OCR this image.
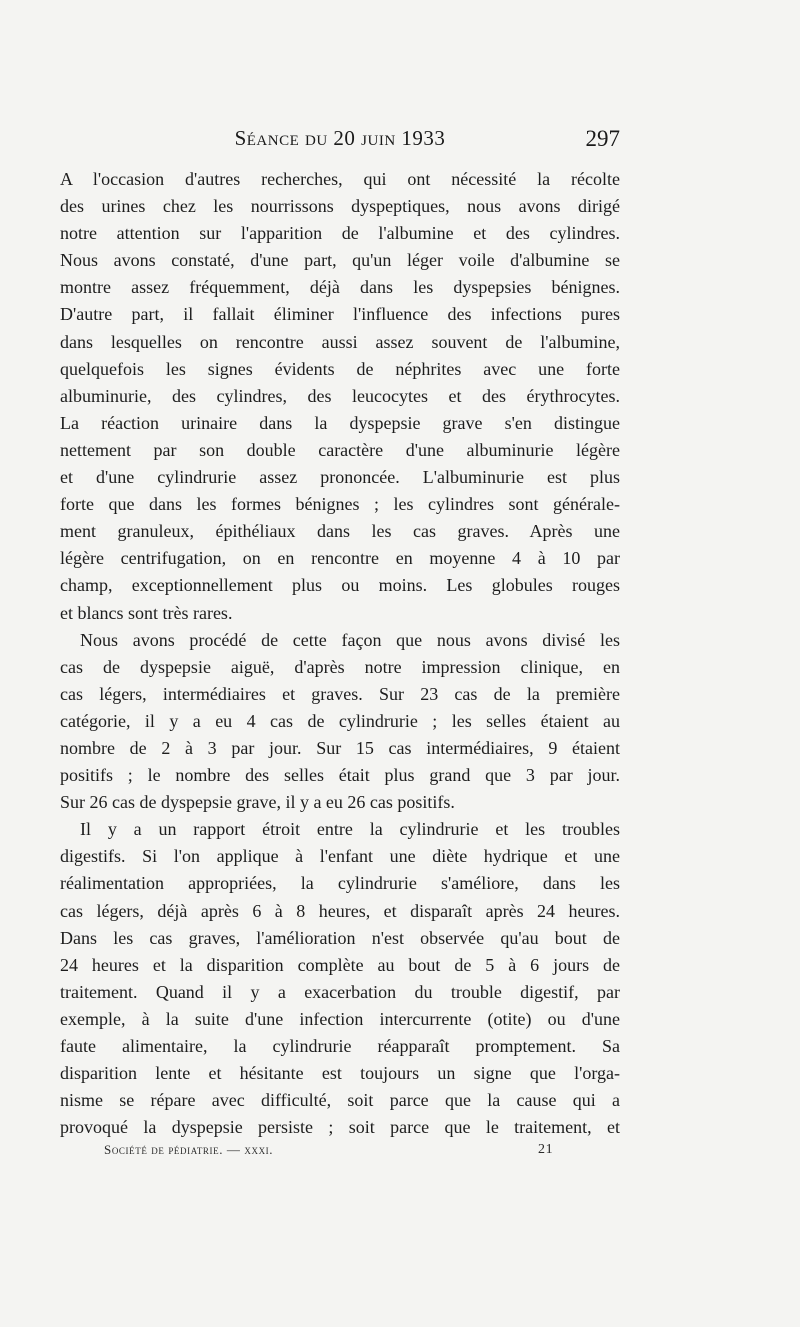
Séance du 20 juin 1933	297
A l'occasion d'autres recherches, qui ont nécessité la récolte
des urines chez les nourrissons dyspeptiques, nous avons dirigé
notre attention sur l'apparition de l'albumine et des cylindres.
Nous avons constaté, d'une part, qu'un léger voile d'albumine se
montre assez fréquemment, déjà dans les dyspepsies bénignes.
D'autre part, il fallait éliminer l'influence des infections pures
dans lesquelles on rencontre aussi assez souvent de l'albumine,
quelquefois les signes évidents de néphrites avec une forte
albuminurie, des cylindres, des leucocytes et des érythrocytes.
La réaction urinaire dans la dyspepsie grave s'en distingue
nettement par son double caractère d'une albuminurie légère
et d'une cylindrurie assez prononcée. L'albuminurie est plus
forte que dans les formes bénignes ; les cylindres sont générale-
ment granuleux, épithéliaux dans les cas graves. Après une
légère centrifugation, on en rencontre en moyenne 4 à 10 par
champ, exceptionnellement plus ou moins. Les globules rouges
et blancs sont très rares.
Nous avons procédé de cette façon que nous avons divisé les
cas de dyspepsie aiguë, d'après notre impression clinique, en
cas légers, intermédiaires et graves. Sur 23 cas de la première
catégorie, il y a eu 4 cas de cylindrurie ; les selles étaient au
nombre de 2 à 3 par jour. Sur 15 cas intermédiaires, 9 étaient
positifs ; le nombre des selles était plus grand que 3 par jour.
Sur 26 cas de dyspepsie grave, il y a eu 26 cas positifs.
Il y a un rapport étroit entre la cylindrurie et les troubles
digestifs. Si l'on applique à l'enfant une diète hydrique et une
réalimentation appropriées, la cylindrurie s'améliore, dans les
cas légers, déjà après 6 à 8 heures, et disparaît après 24 heures.
Dans les cas graves, l'amélioration n'est observée qu'au bout de
24 heures et la disparition complète au bout de 5 à 6 jours de
traitement. Quand il y a exacerbation du trouble digestif, par
exemple, à la suite d'une infection intercurrente (otite) ou d'une
faute alimentaire, la cylindrurie réapparaît promptement. Sa
disparition lente et hésitante est toujours un signe que l'orga-
nisme se répare avec difficulté, soit parce que la cause qui a
provoqué la dyspepsie persiste ; soit parce que le traitement, et
Société de pédiatrie. — xxxi.	21
